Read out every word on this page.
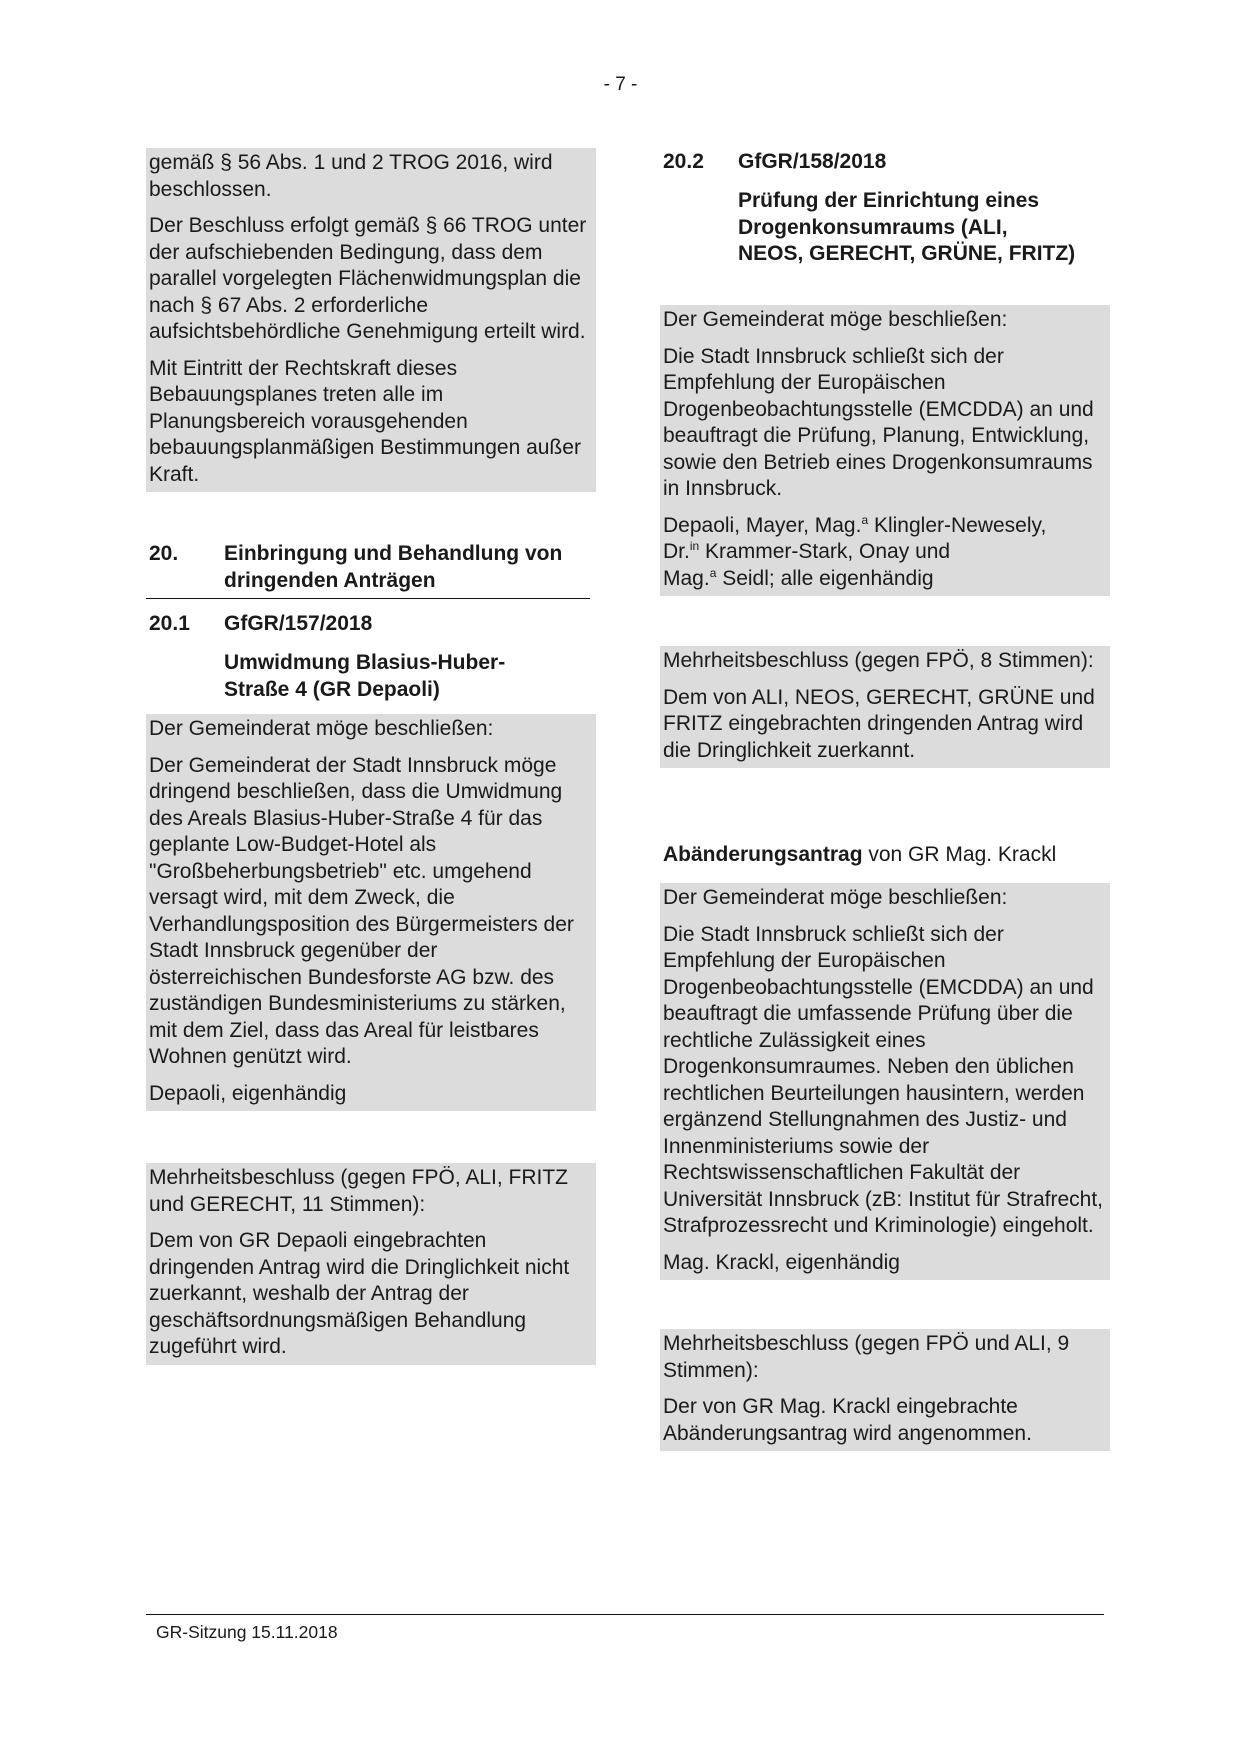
- 7 -

gemäß § 56 Abs. 1 und 2 TROG 2016, wird beschlossen.

Der Beschluss erfolgt gemäß § 66 TROG unter der aufschiebenden Bedingung, dass dem parallel vorgelegten Flächenwidmungsplan die nach § 67 Abs. 2 erforderliche aufsichtsbehördliche Genehmigung erteilt wird.

Mit Eintritt der Rechtskraft dieses Bebauungsplanes treten alle im Planungsbereich vorausgehenden bebauungsplanmäßigen Bestimmungen außer Kraft.

20. Einbringung und Behandlung von dringenden Anträgen
20.1 GfGR/157/2018
Umwidmung Blasius-Huber-Straße 4 (GR Depaoli)

Der Gemeinderat möge beschließen:

Der Gemeinderat der Stadt Innsbruck möge dringend beschließen, dass die Umwidmung des Areals Blasius-Huber-Straße 4 für das geplante Low-Budget-Hotel als "Großbeherbungsbetrieb" etc. umgehend versagt wird, mit dem Zweck, die Verhandlungsposition des Bürgermeisters der Stadt Innsbruck gegenüber der österreichischen Bundesforste AG bzw. des zuständigen Bundesministeriums zu stärken, mit dem Ziel, dass das Areal für leistbares Wohnen genützt wird.

Depaoli, eigenhändig

Mehrheitsbeschluss (gegen FPÖ, ALI, FRITZ und GERECHT, 11 Stimmen):

Dem von GR Depaoli eingebrachten dringenden Antrag wird die Dringlichkeit nicht zuerkannt, weshalb der Antrag der geschäftsordnungsmäßigen Behandlung zugeführt wird.

20.2 GfGR/158/2018
Prüfung der Einrichtung eines Drogenkonsumraums (ALI, NEOS, GERECHT, GRÜNE, FRITZ)

Der Gemeinderat möge beschließen:

Die Stadt Innsbruck schließt sich der Empfehlung der Europäischen Drogenbeobachtungsstelle (EMCDDA) an und beauftragt die Prüfung, Planung, Entwicklung, sowie den Betrieb eines Drogenkonsumraums in Innsbruck.

Depaoli, Mayer, Mag.$^a$ Klingler-Newesely,
Dr.$^{in}$ Krammer-Stark, Onay und
Mag.$^a$ Seidl; alle eigenhändig

Mehrheitsbeschluss (gegen FPÖ, 8 Stimmen):

Dem von ALI, NEOS, GERECHT, GRÜNE und FRITZ eingebrachten dringenden Antrag wird die Dringlichkeit zuerkannt.

Abänderungsantrag von GR Mag. Krackl

Der Gemeinderat möge beschließen:

Die Stadt Innsbruck schließt sich der Empfehlung der Europäischen Drogenbeobachtungsstelle (EMCDDA) an und beauftragt die umfassende Prüfung über die rechtliche Zulässigkeit eines Drogenkonsumraumes. Neben den üblichen rechtlichen Beurteilungen hausintern, werden ergänzend Stellungnahmen des Justiz- und Innenministeriums sowie der Rechtswissenschaftlichen Fakultät der Universität Innsbruck (zB: Institut für Strafrecht, Strafprozessrecht und Kriminologie) eingeholt.

Mag. Krackl, eigenhändig

Mehrheitsbeschluss (gegen FPÖ und ALI, 9 Stimmen):

Der von GR Mag. Krackl eingebrachte Abänderungsantrag wird angenommen.

GR-Sitzung 15.11.2018
